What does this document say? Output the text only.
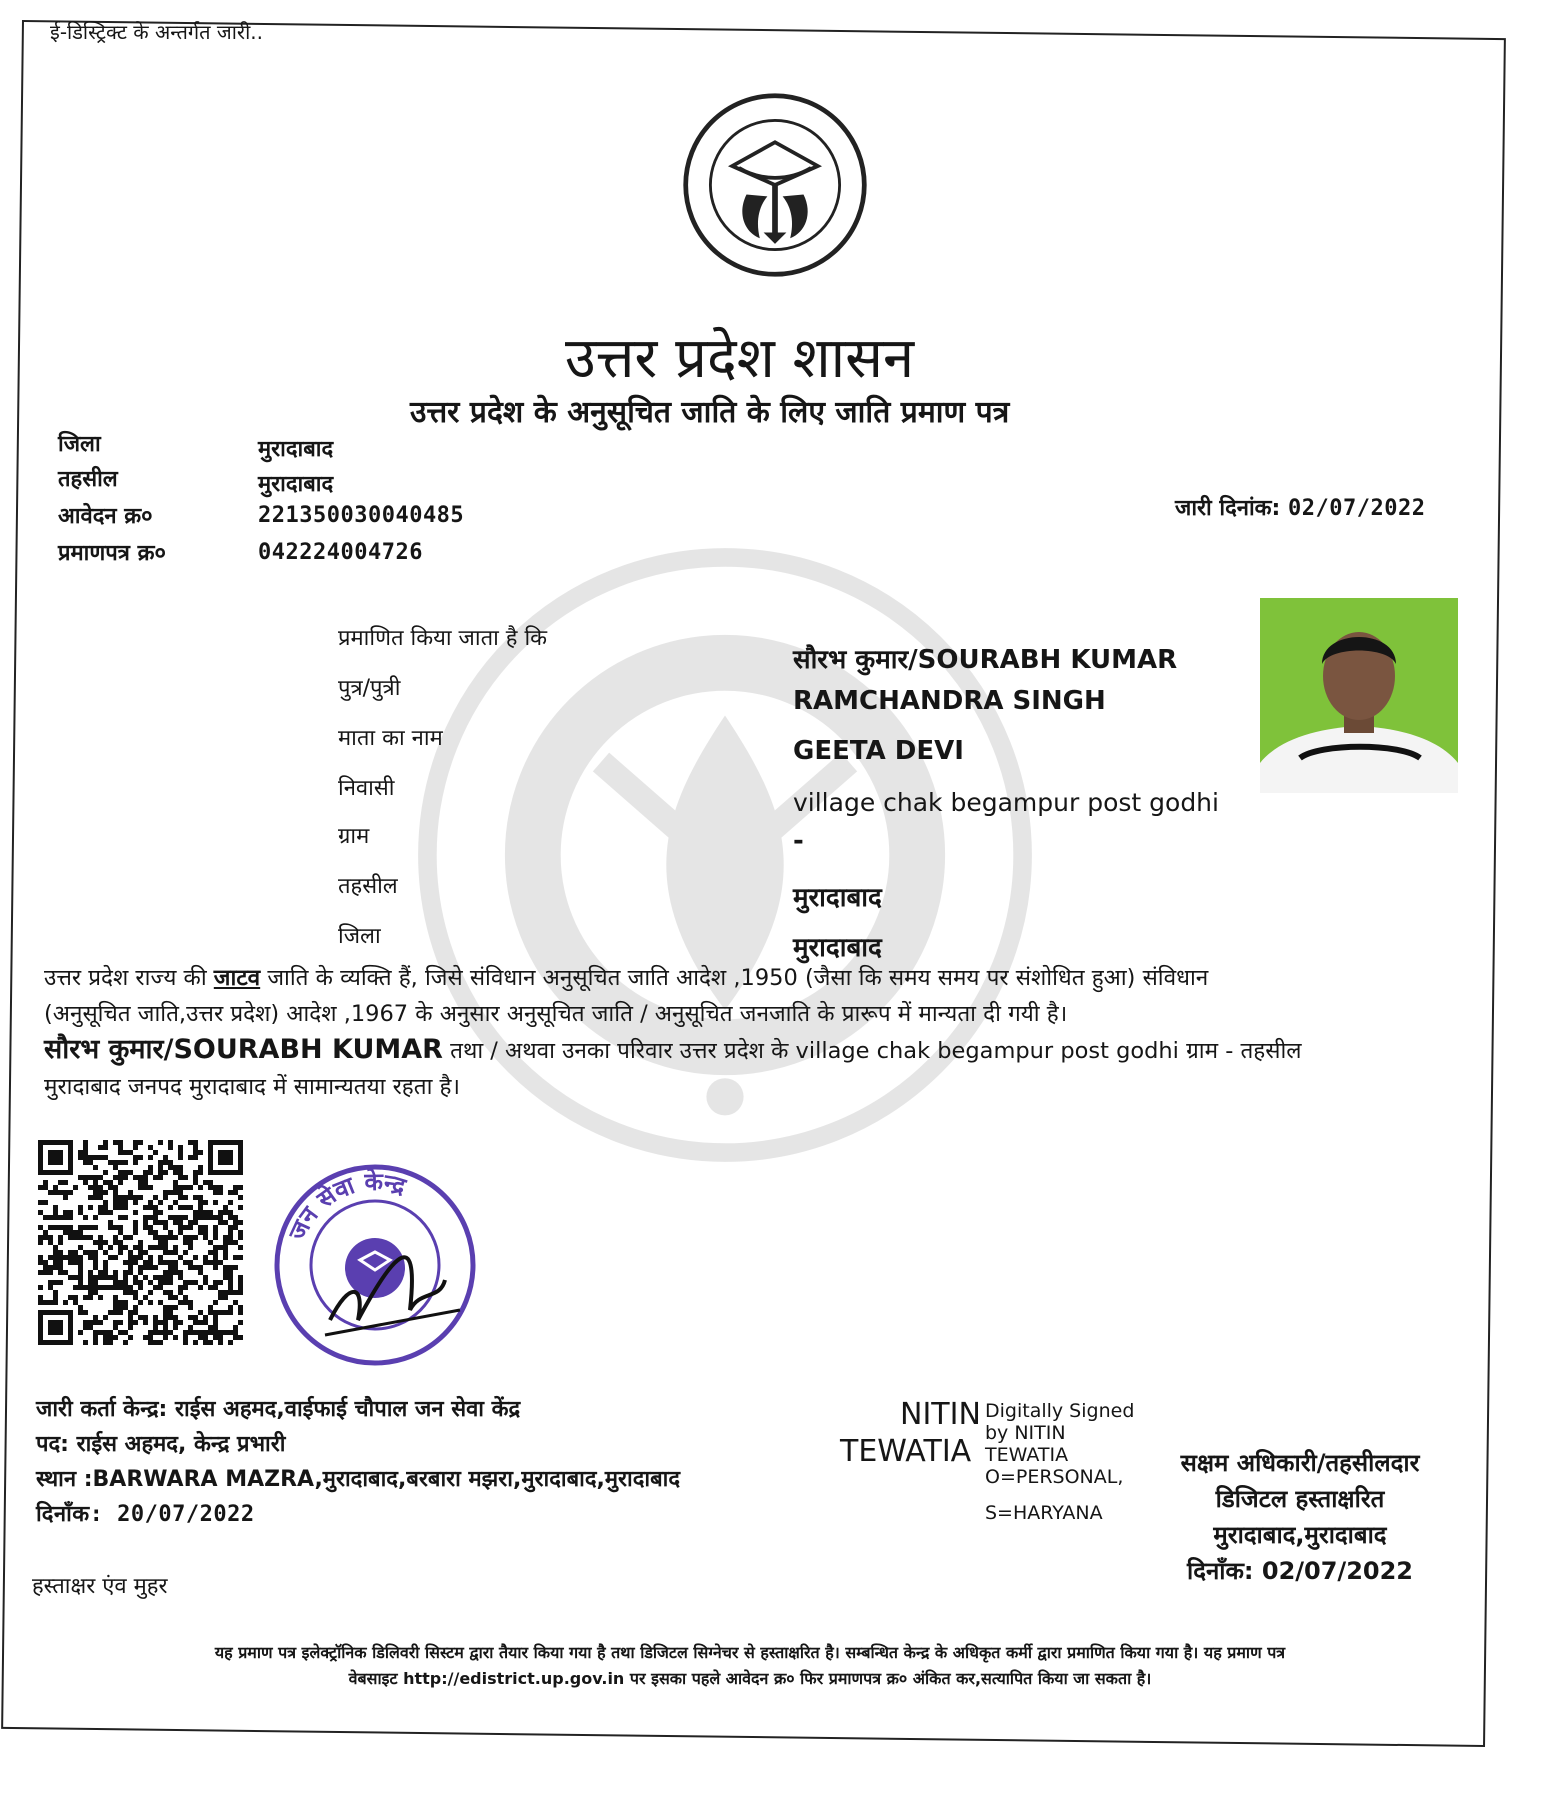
ई-डिस्ट्रिक्ट के अन्तर्गत जारी..
उत्तर प्रदेश शासन
उत्तर प्रदेश के अनुसूचित जाति के लिए जाति प्रमाण पत्र
जिला	मुरादाबाद
तहसील	मुरादाबाद
आवेदन क्र०	221350030040485
प्रमाणपत्र क्र०	042224004726
जारी दिनांक: 02/07/2022
प्रमाणित किया जाता है कि
सौरभ कुमार/SOURABH KUMAR
पुत्र/पुत्री	RAMCHANDRA SINGH
माता का नाम	GEETA DEVI
निवासी	village chak begampur post godhi
ग्राम	-
तहसील	मुरादाबाद
जिला	मुरादाबाद
उत्तर प्रदेश राज्य की जाटव जाति के व्यक्ति हैं, जिसे संविधान अनुसूचित जाति आदेश ,1950 (जैसा कि समय समय पर संशोधित हुआ) संविधान
(अनुसूचित जाति,उत्तर प्रदेश) आदेश ,1967 के अनुसार अनुसूचित जाति / अनुसूचित जनजाति के प्रारूप में मान्यता दी गयी है।
सौरभ कुमार/SOURABH KUMAR तथा / अथवा उनका परिवार उत्तर प्रदेश के village chak begampur post godhi ग्राम - तहसील
मुरादाबाद जनपद मुरादाबाद में सामान्यतया रहता है।
जन सेवा केन्द्र
जारी कर्ता केन्द्र: राईस अहमद,वाईफाई चौपाल जन सेवा केंद्र
पद: राईस अहमद, केन्द्र प्रभारी
स्थान :BARWARA MAZRA,मुरादाबाद,बरबारा मझरा,मुरादाबाद,मुरादाबाद
दिनाँक: 20/07/2022
हस्ताक्षर एंव मुहर
NITIN
TEWATIA
Digitally Signed
by NITIN
TEWATIA
O=PERSONAL,
S=HARYANA
सक्षम अधिकारी/तहसीलदार
डिजिटल हस्ताक्षरित
मुरादाबाद,मुरादाबाद
दिनाँक: 02/07/2022
यह प्रमाण पत्र इलेक्ट्रॉनिक डिलिवरी सिस्टम द्वारा तैयार किया गया है तथा डिजिटल सिग्नेचर से हस्ताक्षरित है। सम्बन्धित केन्द्र के अधिकृत कर्मी द्वारा प्रमाणित किया गया है। यह प्रमाण पत्र
वेबसाइट http://edistrict.up.gov.in पर इसका पहले आवेदन क्र० फिर प्रमाणपत्र क्र० अंकित कर,सत्यापित किया जा सकता है।
